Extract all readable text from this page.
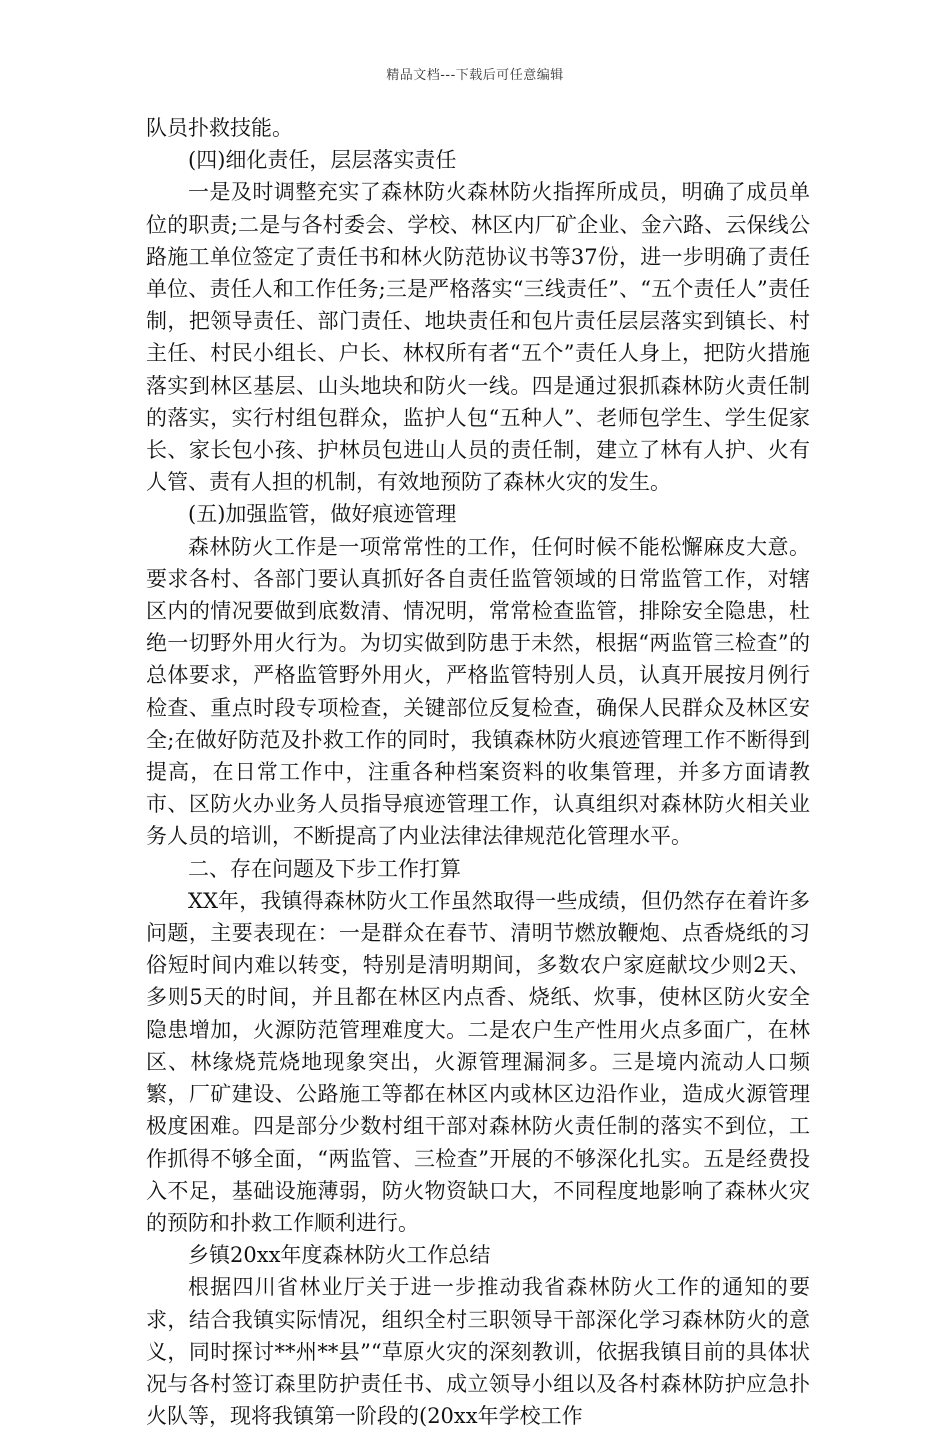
精品文档---下载后可任意编辑

队员扑救技能。

(四)细化责任，层层落实责任

一是及时调整充实了森林防火森林防火指挥所成员，明确了成员单位的职责;二是与各村委会、学校、林区内厂矿企业、金六路、云保线公路施工单位签定了责任书和林火防范协议书等37份，进一步明确了责任单位、责任人和工作任务;三是严格落实“三线责任”、“五个责任人”责任制，把领导责任、部门责任、地块责任和包片责任层层落实到镇长、村主任、村民小组长、户长、林权所有者“五个”责任人身上，把防火措施落实到林区基层、山头地块和防火一线。四是通过狠抓森林防火责任制的落实，实行村组包群众，监护人包“五种人”、老师包学生、学生促家长、家长包小孩、护林员包进山人员的责任制，建立了林有人护、火有人管、责有人担的机制，有效地预防了森林火灾的发生。

(五)加强监管，做好痕迹管理

森林防火工作是一项常常性的工作，任何时候不能松懈麻皮大意。要求各村、各部门要认真抓好各自责任监管领域的日常监管工作，对辖区内的情况要做到底数清、情况明，常常检查监管，排除安全隐患，杜绝一切野外用火行为。为切实做到防患于未然，根据“两监管三检查”的总体要求，严格监管野外用火，严格监管特别人员，认真开展按月例行检查、重点时段专项检查，关键部位反复检查，确保人民群众及林区安全;在做好防范及扑救工作的同时，我镇森林防火痕迹管理工作不断得到提高，在日常工作中，注重各种档案资料的收集管理，并多方面请教市、区防火办业务人员指导痕迹管理工作，认真组织对森林防火相关业务人员的培训，不断提高了内业法律法律规范化管理水平。

二、存在问题及下步工作打算

XX年，我镇得森林防火工作虽然取得一些成绩，但仍然存在着许多问题，主要表现在：一是群众在春节、清明节燃放鞭炮、点香烧纸的习俗短时间内难以转变，特别是清明期间，多数农户家庭献坟少则2天、多则5天的时间，并且都在林区内点香、烧纸、炊事，使林区防火安全隐患增加，火源防范管理难度大。二是农户生产性用火点多面广，在林区、林缘烧荒烧地现象突出，火源管理漏洞多。三是境内流动人口频繁，厂矿建设、公路施工等都在林区内或林区边沿作业，造成火源管理极度困难。四是部分少数村组干部对森林防火责任制的落实不到位，工作抓得不够全面，“两监管、三检查”开展的不够深化扎实。五是经费投入不足，基础设施薄弱，防火物资缺口大，不同程度地影响了森林火灾的预防和扑救工作顺利进行。

乡镇20xx年度森林防火工作总结

根据四川省林业厅关于进一步推动我省森林防火工作的通知的要求，结合我镇实际情况，组织全村三职领导干部深化学习森林防火的意义，同时探讨**州**县”“草原火灾的深刻教训，依据我镇目前的具体状况与各村签订森里防护责任书、成立领导小组以及各村森林防护应急扑火队等，现将我镇第一阶段的(20xx年学校工作
